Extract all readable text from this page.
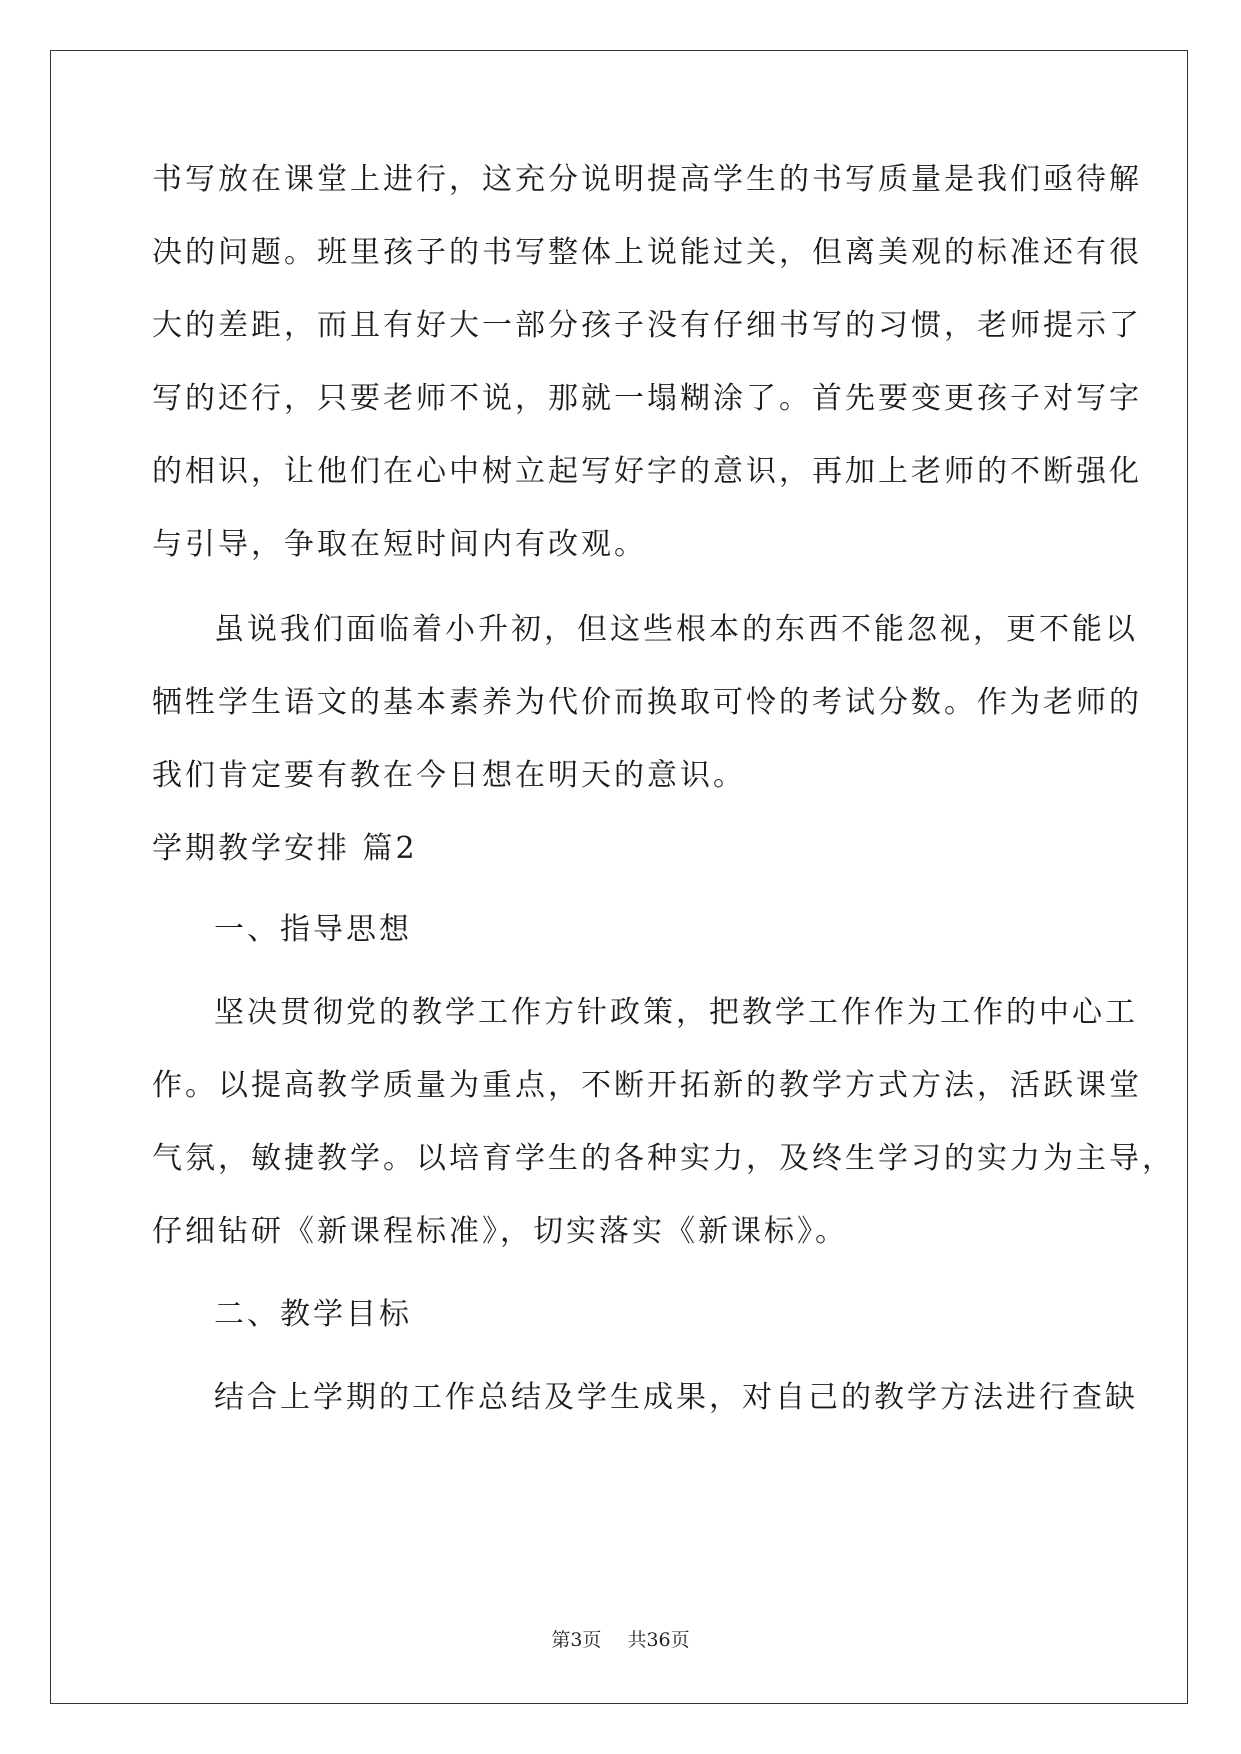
书写放在课堂上进行，这充分说明提高学生的书写质量是我们亟待解
决的问题。班里孩子的书写整体上说能过关，但离美观的标准还有很
大的差距，而且有好大一部分孩子没有仔细书写的习惯，老师提示了
写的还行，只要老师不说，那就一塌糊涂了。首先要变更孩子对写字
的相识，让他们在心中树立起写好字的意识，再加上老师的不断强化
与引导，争取在短时间内有改观。
虽说我们面临着小升初，但这些根本的东西不能忽视，更不能以
牺牲学生语文的基本素养为代价而换取可怜的考试分数。作为老师的
我们肯定要有教在今日想在明天的意识。
学期教学安排 篇2
一、指导思想
坚决贯彻党的教学工作方针政策，把教学工作作为工作的中心工
作。以提高教学质量为重点，不断开拓新的教学方式方法，活跃课堂
气氛，敏捷教学。以培育学生的各种实力，及终生学习的实力为主导，
仔细钻研《新课程标准》，切实落实《新课标》。
二、教学目标
结合上学期的工作总结及学生成果，对自己的教学方法进行查缺
第3页 共36页
